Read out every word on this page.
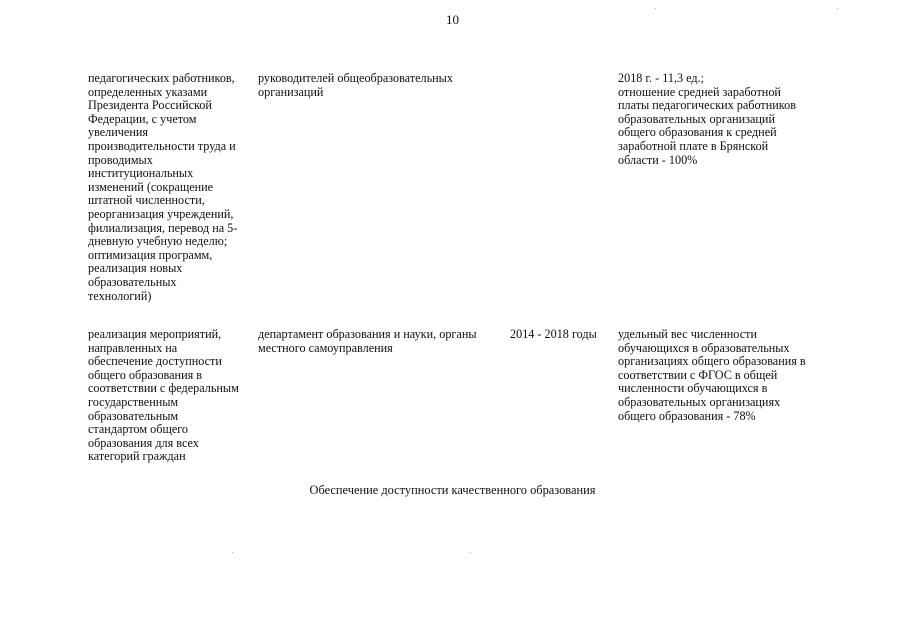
10
педагогических работников,
определенных указами
Президента Российской
Федерации, с учетом
увеличения
производительности труда и
проводимых
институциональных
изменений (сокращение
штатной численности,
реорганизация учреждений,
филиализация, перевод на 5-
дневную учебную неделю;
оптимизация программ,
реализация новых
образовательных
технологий)
руководителей общеобразовательных
организаций
2018 г. - 11,3 ед.;
отношение средней заработной
платы педагогических работников
образовательных организаций
общего образования к средней
заработной плате в Брянской
области - 100%
реализация мероприятий,
направленных на
обеспечение доступности
общего образования в
соответствии с федеральным
государственным
образовательным
стандартом общего
образования для всех
категорий граждан
департамент образования и науки, органы
местного самоуправления
2014 - 2018 годы	удельный вес численности
обучающихся в образовательных
организациях общего образования в
соответствии с ФГОС в общей
численности обучающихся в
образовательных организациях
общего образования - 78%
Обеспечение доступности качественного образования
